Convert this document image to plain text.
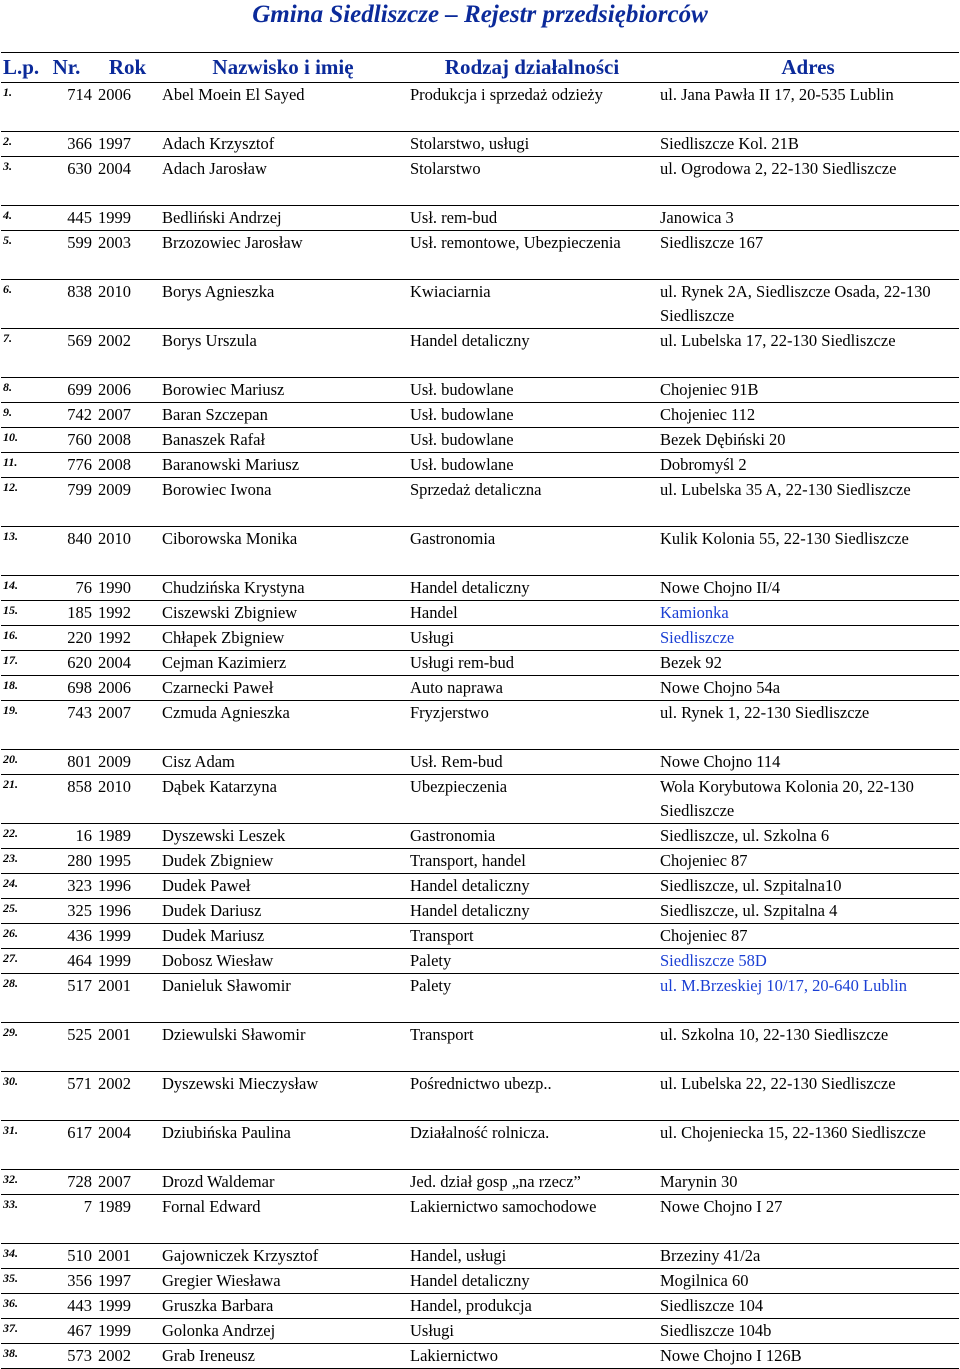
Gmina Siedliszcze – Rejestr przedsiębiorców
L.p.	Nr.	Rok	Nazwisko i imię	Rodzaj działalności	Adres
1.	714	2006	Abel Moein El Sayed	Produkcja i sprzedaż odzieży	ul. Jana Pawła II 17, 20-535 Lublin
2.	366	1997	Adach Krzysztof	Stolarstwo, usługi	Siedliszcze Kol. 21B
3.	630	2004	Adach Jarosław	Stolarstwo	ul. Ogrodowa 2, 22-130 Siedliszcze
4.	445	1999	Bedliński Andrzej	Usł. rem-bud	Janowica 3
5.	599	2003	Brzozowiec Jarosław	Usł. remontowe, Ubezpieczenia	Siedliszcze 167
6.	838	2010	Borys Agnieszka	Kwiaciarnia	ul. Rynek 2A, Siedliszcze Osada, 22-130 Siedliszcze
7.	569	2002	Borys Urszula	Handel detaliczny	ul. Lubelska 17, 22-130 Siedliszcze
8.	699	2006	Borowiec Mariusz	Usł. budowlane	Chojeniec 91B
9.	742	2007	Baran Szczepan	Usł. budowlane	Chojeniec 112
10.	760	2008	Banaszek Rafał	Usł. budowlane	Bezek Dębiński 20
11.	776	2008	Baranowski Mariusz	Usł. budowlane	Dobromyśl 2
12.	799	2009	Borowiec Iwona	Sprzedaż detaliczna	ul. Lubelska 35 A, 22-130 Siedliszcze
13.	840	2010	Ciborowska Monika	Gastronomia	Kulik Kolonia 55, 22-130 Siedliszcze
14.	76	1990	Chudzińska Krystyna	Handel detaliczny	Nowe Chojno II/4
15.	185	1992	Ciszewski Zbigniew	Handel	Kamionka
16.	220	1992	Chłapek Zbigniew	Usługi	Siedliszcze
17.	620	2004	Cejman Kazimierz	Usługi rem-bud	Bezek 92
18.	698	2006	Czarnecki Paweł	Auto naprawa	Nowe Chojno 54a
19.	743	2007	Czmuda Agnieszka	Fryzjerstwo	ul. Rynek 1, 22-130 Siedliszcze
20.	801	2009	Cisz Adam	Usł. Rem-bud	Nowe Chojno 114
21.	858	2010	Dąbek Katarzyna	Ubezpieczenia	Wola Korybutowa Kolonia 20, 22-130 Siedliszcze
22.	16	1989	Dyszewski Leszek	Gastronomia	Siedliszcze, ul. Szkolna 6
23.	280	1995	Dudek Zbigniew	Transport, handel	Chojeniec 87
24.	323	1996	Dudek Paweł	Handel detaliczny	Siedliszcze, ul. Szpitalna10
25.	325	1996	Dudek Dariusz	Handel detaliczny	Siedliszcze, ul. Szpitalna 4
26.	436	1999	Dudek Mariusz	Transport	Chojeniec 87
27.	464	1999	Dobosz Wiesław	Palety	Siedliszcze 58D
28.	517	2001	Danieluk Sławomir	Palety	ul. M.Brzeskiej 10/17, 20-640 Lublin
29.	525	2001	Dziewulski Sławomir	Transport	ul. Szkolna 10, 22-130 Siedliszcze
30.	571	2002	Dyszewski Mieczysław	Pośrednictwo ubezp..	ul. Lubelska 22, 22-130 Siedliszcze
31.	617	2004	Dziubińska Paulina	Działalność rolnicza.	ul. Chojeniecka 15, 22-1360 Siedliszcze
32.	728	2007	Drozd Waldemar	Jed. dział gosp „na rzecz”	Marynin 30
33.	7	1989	Fornal Edward	Lakiernictwo samochodowe	Nowe Chojno I 27
34.	510	2001	Gajowniczek Krzysztof	Handel, usługi	Brzeziny 41/2a
35.	356	1997	Gregier Wiesława	Handel detaliczny	Mogilnica 60
36.	443	1999	Gruszka Barbara	Handel, produkcja	Siedliszcze 104
37.	467	1999	Golonka Andrzej	Usługi	Siedliszcze 104b
38.	573	2002	Grab Ireneusz	Lakiernictwo	Nowe Chojno I 126B
